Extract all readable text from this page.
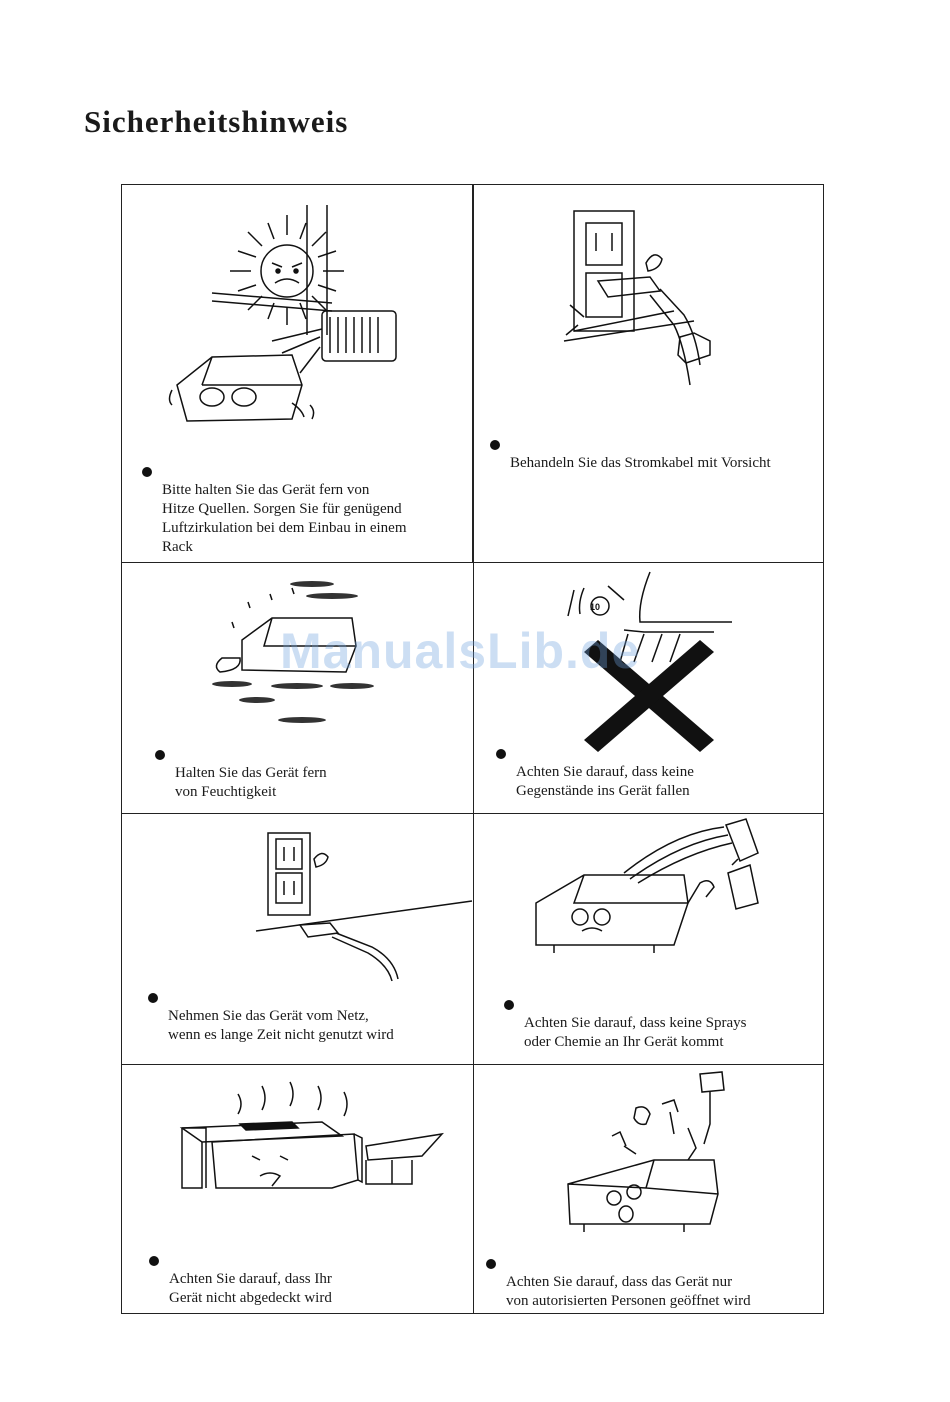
Sicherheitshinweis

Bitte halten Sie das Gerät fern von
Hitze Quellen. Sorgen Sie für genügend
Luftzirkulation bei dem Einbau in einem
Rack

Behandeln Sie das Stromkabel mit Vorsicht

Halten Sie das Gerät fern
von Feuchtigkeit

10

Achten Sie darauf, dass keine
Gegenstände ins Gerät fallen

Nehmen Sie das Gerät vom Netz,
wenn es lange Zeit nicht genutzt wird

Achten Sie darauf, dass keine Sprays
oder Chemie an Ihr Gerät kommt

Achten Sie darauf, dass Ihr
Gerät nicht abgedeckt wird

Achten Sie darauf, dass das Gerät nur
von autorisierten Personen geöffnet wird

ManualsLib.de
